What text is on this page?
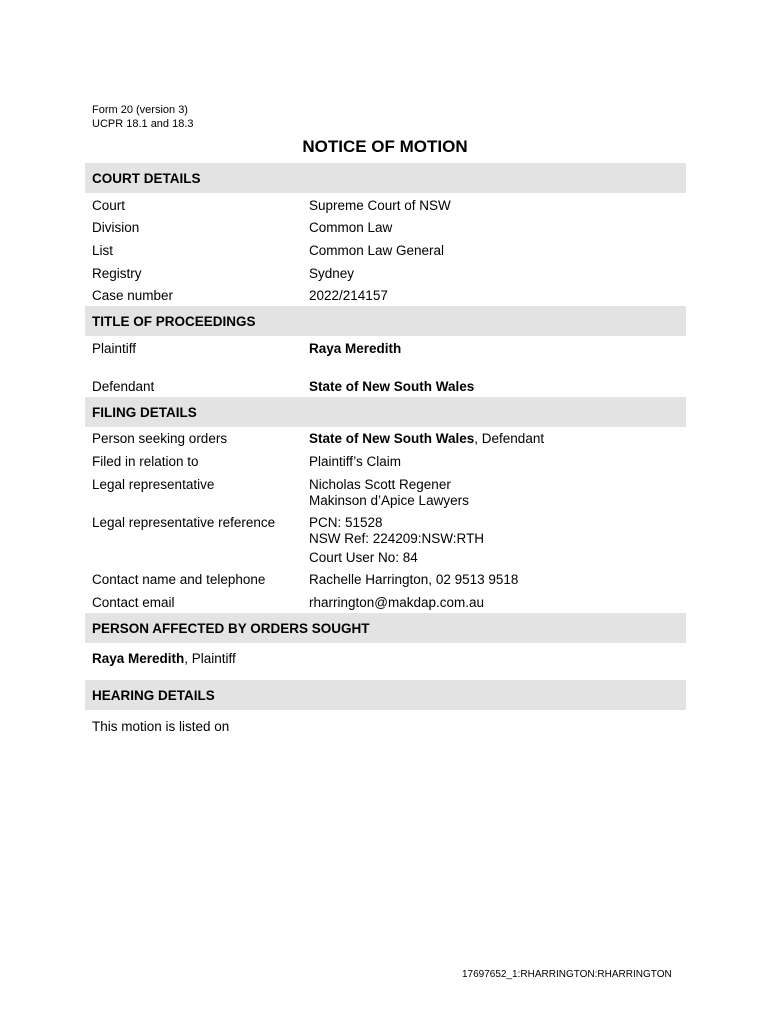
Form 20 (version 3)
UCPR 18.1 and 18.3
NOTICE OF MOTION
COURT DETAILS
Court	Supreme Court of NSW
Division	Common Law
List	Common Law General
Registry	Sydney
Case number	2022/214157
TITLE OF PROCEEDINGS
Plaintiff	Raya Meredith
Defendant	State of New South Wales
FILING DETAILS
Person seeking orders	State of New South Wales, Defendant
Filed in relation to	Plaintiff’s Claim
Legal representative	Nicholas Scott Regener
Makinson d’Apice Lawyers
Legal representative reference	PCN: 51528
NSW Ref: 224209:NSW:RTH
Court User No: 84
Contact name and telephone	Rachelle Harrington, 02 9513 9518
Contact email	rharrington@makdap.com.au
PERSON AFFECTED BY ORDERS SOUGHT
Raya Meredith, Plaintiff
HEARING DETAILS
This motion is listed on
17697652_1:RHARRINGTON:RHARRINGTON
